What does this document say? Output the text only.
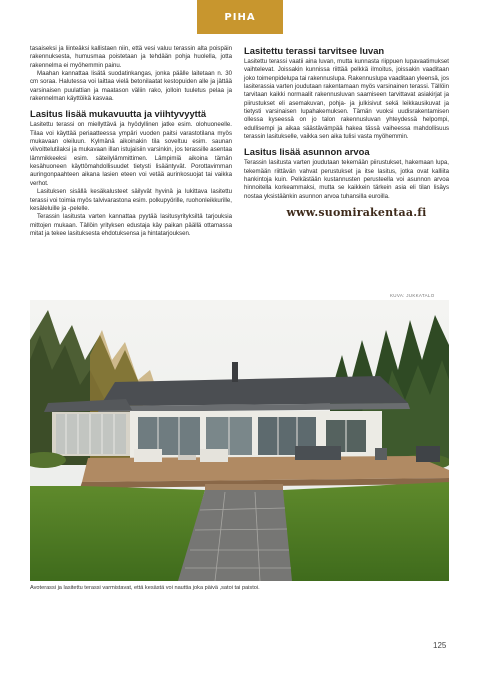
PIHA

tasaiseksi ja liinteäksi kallistaen niin, että vesi valuu terassin alta poispäin rakennuksesta, humusmaa poistetaan ja tehdään pohja huolella, jotta rakennelma ei myöhemmin painu.

Maahan kannattaa lisätä suodatinkangas, jonka päälle laitetaan n. 30 cm soraa. Halutessa voi laittaa vielä betonilaatat kestopuiden alle ja jättää varsinaisen puulattian ja maatason väliin rako, jolloin tuuletus pelaa ja rakennelman käyttöikä kasvaa.

Lasitus lisää mukavuutta ja viihtyvyyttä

Lasitettu terassi on miellyttävä ja hyödyllinen jatke esim. olohuoneelle. Tilaa voi käyttää periaatteessa ympäri vuoden paitsi varastotilana myös mukavaan oleiluun. Kylmänä aikoinakin tila soveltuu esim. saunan vilvoittelutilaksi ja mukavaan illan istujaisiin varsinkin, jos terassille asentaa lämmikkeeksi esim. säteilylämmittimen. Lämpimiä aikoina tämän kesähuoneen käyttömahdollisuudet tietysti lisääntyvät. Porottavimman auringonpaahteen aikana lasien eteen voi vetää aurinkosuojat tai vaikka verhot.

Lasituksen sisällä kesäkalusteet säilyvät hyvinä ja lukittava lasitettu terassi voi toimia myös talvivarastona esim. polkupyörille, ruohonleikkurille, kesäleluille ja -pelelle.

Terassin lasitusta varten kannattaa pyytää lasitusyrityksiltä tarjouksia mittojen mukaan. Tällöin yrityksen edustaja käy paikan päällä ottamassa mitat ja tekee lasituksesta ehdotuksensa ja hintatarjouksen.

Lasitettu terassi tarvitsee luvan

Lasitettu terassi vaatii aina luvan, mutta kunnasta riippuen lupavaatimukset vaihtelevat. Joissakin kunnissa riittää pelkkä ilmoitus, joissakin vaaditaan joko toimenpidelupa tai rakennuslupa. Rakennuslupa vaaditaan yleensä, jos lasiterassia varten joudutaan rakentamaan myös varsinainen terassi. Tällöin tarvitaan kaikki normaalit rakennusluvan saamiseen tarvittavat asiakirjat ja piirustukset eli asemakuvan, pohja- ja julkisivut sekä leikkausikuvat ja tietysti varsinaisen lupahakemuksen. Tämän vuoksi uudisrakentamisen ollessa kyseessä on jo talon rakennusluvan yhteydessä helpompi, edullisempi ja aikaa säästävämpää hakea tässä vaiheessa mahdollisuus terassin lasitukselle, vaikka sen aika tulisi vasta myöhemmin.

Lasitus lisää asunnon arvoa

Terassin lasitusta varten joudutaan tekemään piirustukset, hakemaan lupa, tekemään riittävän vahvat perustukset ja itse lasitus, jotka ovat kalliita hankintoja kuin. Pelkästään kustannusten perusteella voi asunnon arvoa hinnoitella korkeammaksi, mutta se kaikkein tärkein asia eli tilan lisäys nostaa yksistäänkin asunnon arvoa tuhansilla euroilla.

www.suomirakentaa.fi
KUVA: JUKKATALO
Avoterassi ja lasitettu terassi varmistavat, että kesästä voi nauttia joka päivä ,satoi tai paistoi.
125
